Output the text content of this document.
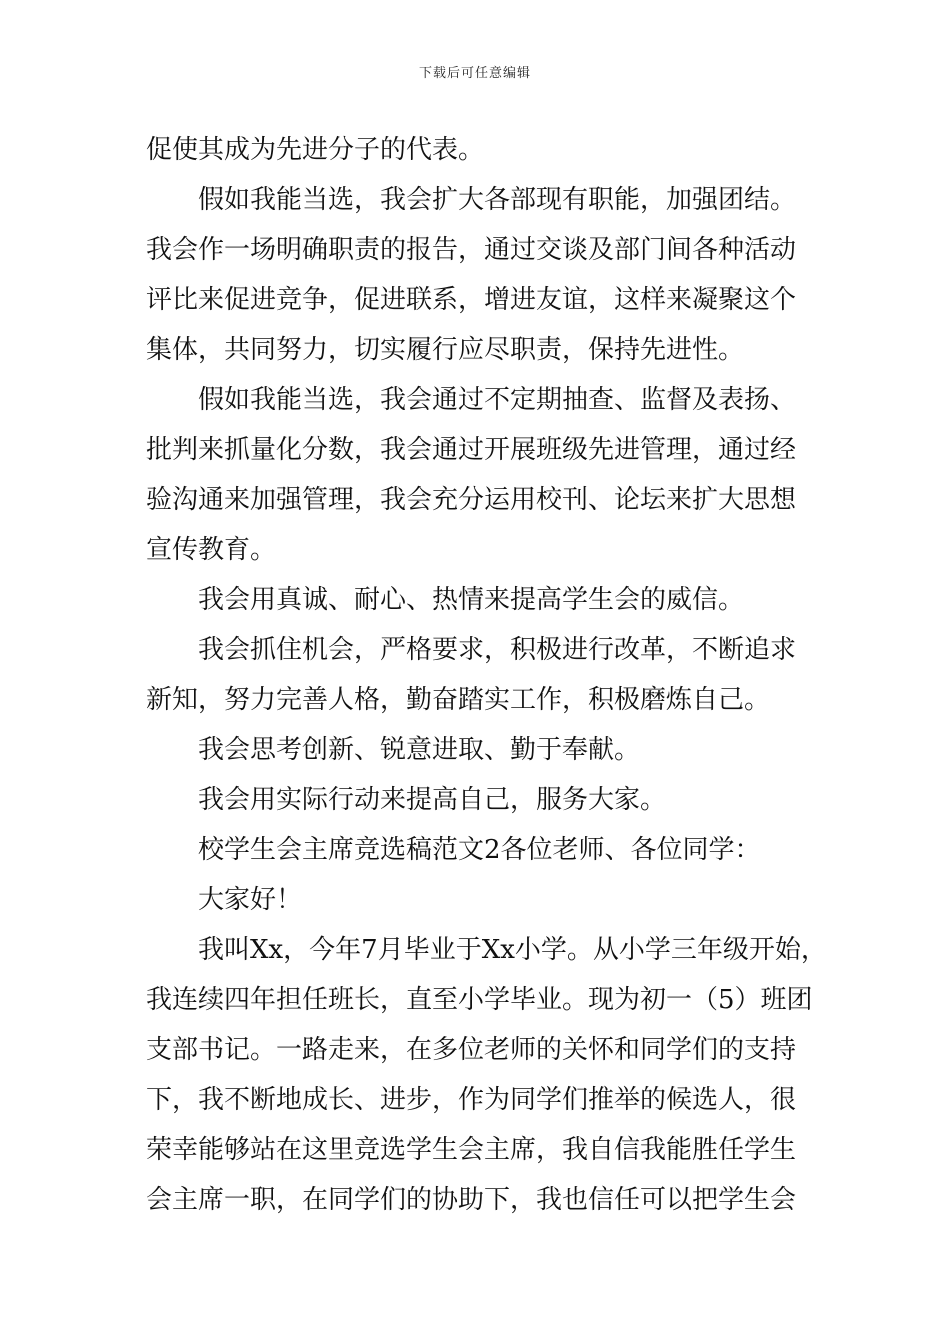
下载后可任意编辑
促使其成为先进分子的代表。
假如我能当选，我会扩大各部现有职能，加强团结。
我会作一场明确职责的报告，通过交谈及部门间各种活动
评比来促进竞争，促进联系，增进友谊，这样来凝聚这个
集体，共同努力，切实履行应尽职责，保持先进性。
假如我能当选，我会通过不定期抽查、监督及表扬、
批判来抓量化分数，我会通过开展班级先进管理，通过经
验沟通来加强管理，我会充分运用校刊、论坛来扩大思想
宣传教育。
我会用真诚、耐心、热情来提高学生会的威信。
我会抓住机会，严格要求，积极进行改革，不断追求
新知，努力完善人格，勤奋踏实工作，积极磨炼自己。
我会思考创新、锐意进取、勤于奉献。
我会用实际行动来提高自己，服务大家。
校学生会主席竞选稿范文2各位老师、各位同学：
大家好！
我叫Xx，今年7月毕业于Xx小学。从小学三年级开始，
我连续四年担任班长，直至小学毕业。现为初一（5）班团
支部书记。一路走来，在多位老师的关怀和同学们的支持
下，我不断地成长、进步，作为同学们推举的候选人，很
荣幸能够站在这里竞选学生会主席，我自信我能胜任学生
会主席一职，在同学们的协助下，我也信任可以把学生会
